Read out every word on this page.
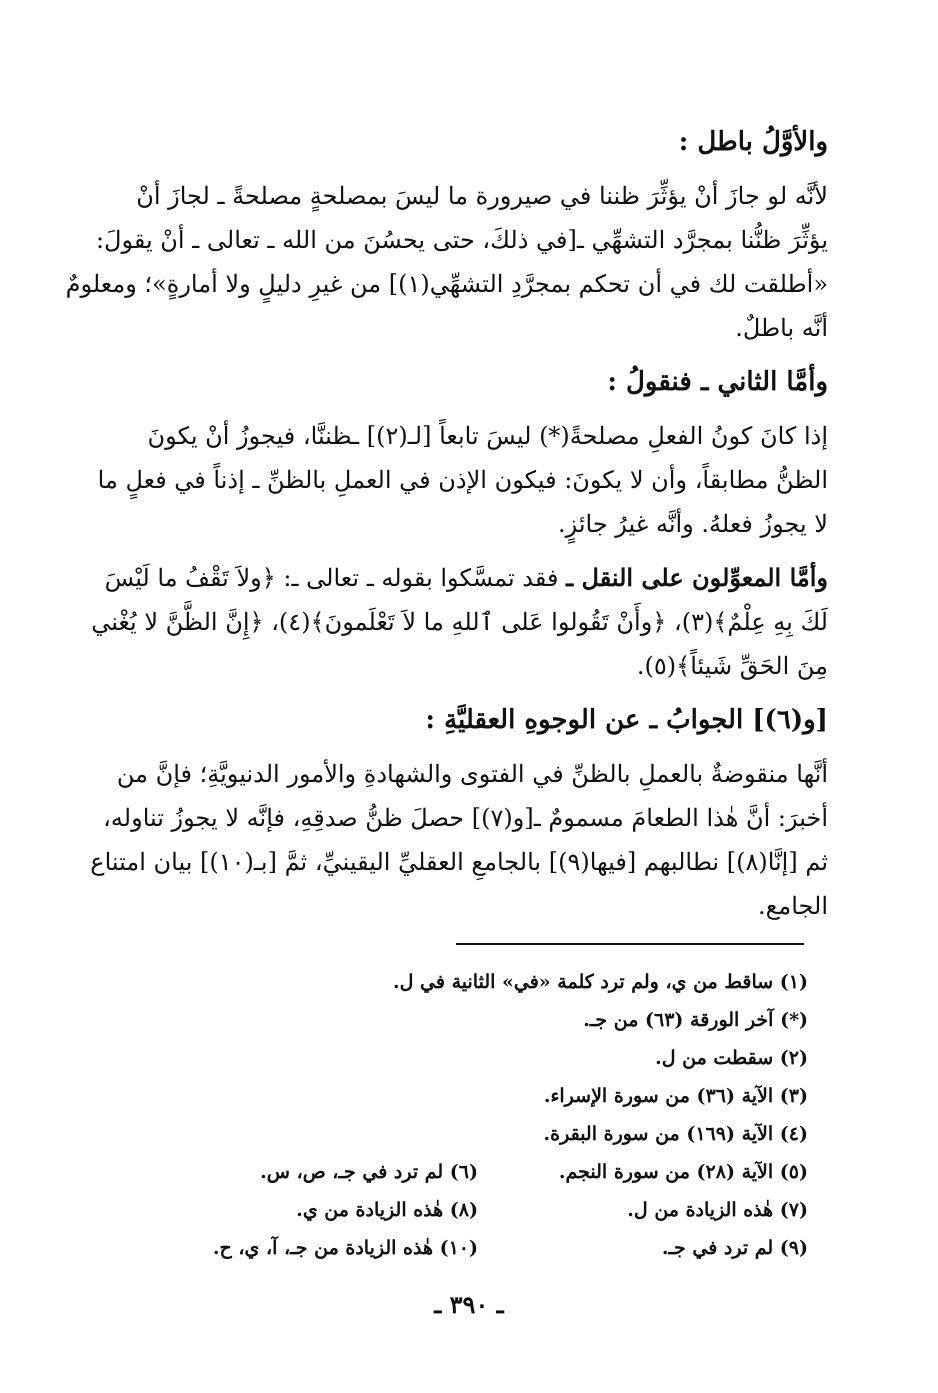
والأوَّلُ باطل :
لأنَّه لو جازَ أنْ يؤثِّرَ ظننا في صيرورة ما ليسَ بمصلحةٍ مصلحةً ـ لجازَ أنْ
يؤثِّرَ ظنُّنا بمجرَّد التشهِّي ـ[في ذلكَ، حتى يحسُنَ من الله ـ تعالى ـ أنْ يقولَ:
«أطلقت لك في أن تحكم بمجرَّدِ التشهِّي(١)] من غيرِ دليلٍ ولا أمارةٍ»؛ ومعلومٌ
أنَّه باطلٌ.
وأمَّا الثاني ـ فنقولُ :
إذا كانَ كونُ الفعلِ مصلحةً(*) ليسَ تابعاً [لـ(٢)] ـظننَّا، فيجوزُ أنْ يكونَ
الظنُّ مطابقاً، وأن لا يكونَ: فيكون الإذن في العملِ بالظنِّ ـ إذناً في فعلٍ ما
لا يجوزُ فعلهُ. وأنَّه غيرُ جائزٍ.
وأمَّا المعوِّلون على النقل ـ فقد تمسَّكوا بقوله ـ تعالى ـ: ﴿ولاَ تَقْفُ ما لَيْسَ
لَكَ بِهِ عِلْمٌ﴾(٣)، ﴿وأَنْ تَقُولوا عَلى ٱللهِ ما لاَ تَعْلَمونَ﴾(٤)، ﴿إِنَّ الظَّنَّ لا يُغْني
مِنَ الحَقِّ شَيئاً﴾(٥).
[و(٦)] الجوابُ ـ عن الوجوهِ العقليَّةِ :
أنَّها منقوضةٌ بالعملِ بالظنِّ في الفتوى والشهادةِ والأمور الدنيويَّةِ؛ فإنَّ من
أخبرَ: أنَّ هٰذا الطعامَ مسمومٌ ـ[و(٧)] حصلَ ظنُّ صدقِهِ، فإنَّه لا يجوزُ تناوله،
ثم [إنَّا(٨)] نطالبهم [فيها(٩)] بالجامعِ العقليِّ اليقينيِّ، ثمَّ [بـ(١٠)] بيان امتناع
الجامع.
(١) ساقط من ي، ولم ترد كلمة «في» الثانية في ل.
(*) آخر الورقة (٦٣) من جـ.
(٢) سقطت من ل.
(٣) الآية (٣٦) من سورة الإسراء.
(٤) الآية (١٦٩) من سورة البقرة.
(٥) الآية (٢٨) من سورة النجم.
(٦) لم ترد في جـ، ص، س.
(٧) هٰذه الزيادة من ل.
(٨) هٰذه الزيادة من ي.
(٩) لم ترد في جـ.
(١٠) هٰذه الزيادة من جـ، آ، ي، ح.
ـ ٣٩٠ ـ
